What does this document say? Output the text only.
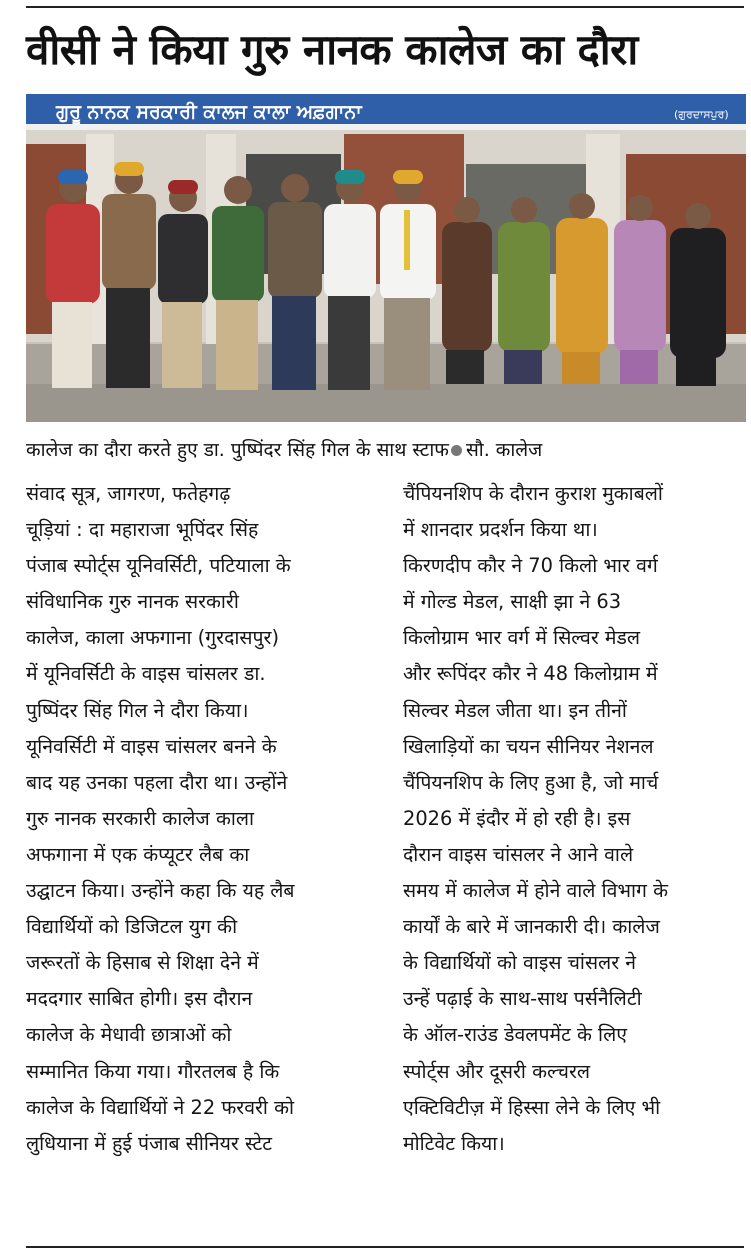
वीसी ने किया गुरु नानक कालेज का दौरा
ਗੁਰੂ ਨਾਨਕ ਸਰਕਾਰੀ ਕਾਲਜ ਕਾਲਾ ਅਫ਼ਗਾਨਾ	(ਗੁਰਦਾਸਪੁਰ)
कालेज का दौरा करते हुए डा. पुष्पिंदर सिंह गिल के साथ स्टाफ सौ. कालेज
संवाद सूत्र, जागरण, फतेहगढ़
चूड़ियां : दा महाराजा भूपिंदर सिंह
पंजाब स्पोर्ट्स यूनिवर्सिटी, पटियाला के
संविधानिक गुरु नानक सरकारी
कालेज, काला अफगाना (गुरदासपुर)
में यूनिवर्सिटी के वाइस चांसलर डा.
पुष्पिंदर सिंह गिल ने दौरा किया।
यूनिवर्सिटी में वाइस चांसलर बनने के
बाद यह उनका पहला दौरा था। उन्होंने
गुरु नानक सरकारी कालेज काला
अफगाना में एक कंप्यूटर लैब का
उद्घाटन किया। उन्होंने कहा कि यह लैब
विद्यार्थियों को डिजिटल युग की
जरूरतों के हिसाब से शिक्षा देने में
मददगार साबित होगी। इस दौरान
कालेज के मेधावी छात्राओं को
सम्मानित किया गया। गौरतलब है कि
कालेज के विद्यार्थियों ने 22 फरवरी को
लुधियाना में हुई पंजाब सीनियर स्टेट
चैंपियनशिप के दौरान कुराश मुकाबलों
में शानदार प्रदर्शन किया था।
किरणदीप कौर ने 70 किलो भार वर्ग
में गोल्ड मेडल, साक्षी झा ने 63
किलोग्राम भार वर्ग में सिल्वर मेडल
और रूपिंदर कौर ने 48 किलोग्राम में
सिल्वर मेडल जीता था। इन तीनों
खिलाड़ियों का चयन सीनियर नेशनल
चैंपियनशिप के लिए हुआ है, जो मार्च
2026 में इंदौर में हो रही है। इस
दौरान वाइस चांसलर ने आने वाले
समय में कालेज में होने वाले विभाग के
कार्यों के बारे में जानकारी दी। कालेज
के विद्यार्थियों को वाइस चांसलर ने
उन्हें पढ़ाई के साथ-साथ पर्सनैलिटी
के ऑल-राउंड डेवलपमेंट के लिए
स्पोर्ट्स और दूसरी कल्चरल
एक्टिविटीज़ में हिस्सा लेने के लिए भी
मोटिवेट किया।
